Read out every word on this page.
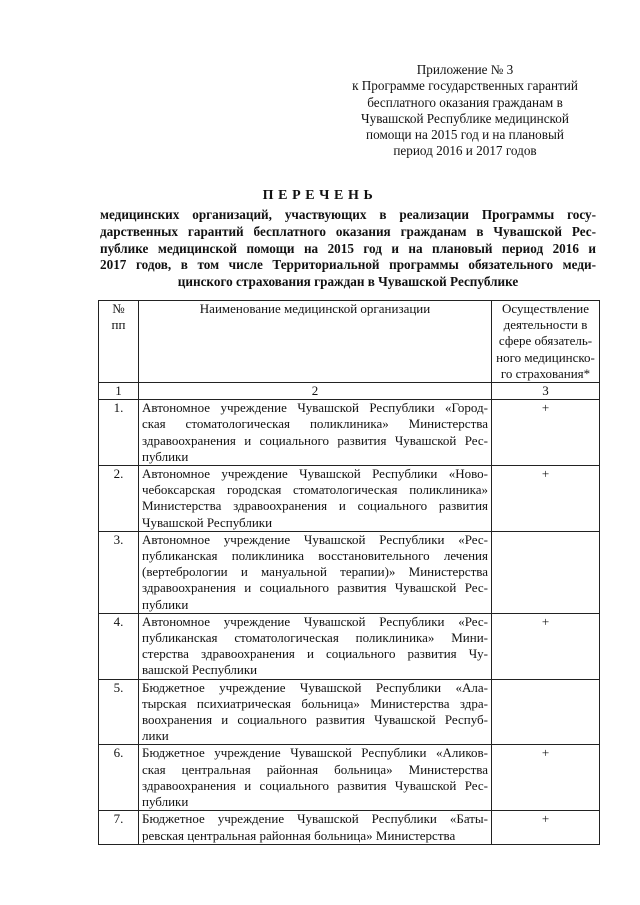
Приложение № 3
к Программе государственных гарантий
бесплатного оказания гражданам в
Чувашской Республике медицинской
помощи на 2015 год и на плановый
период 2016 и 2017 годов
ПЕРЕЧЕНЬ
медицинских организаций, участвующих в реализации Программы госу-
дарственных гарантий бесплатного оказания гражданам в Чувашской Рес-
публике медицинской помощи на 2015 год и на плановый период 2016 и
2017 годов, в том числе Территориальной программы обязательного меди-
цинского страхования граждан в Чувашской Республике
№
пп	Наименование медицинской организации	Осуществление
деятельности в
сфере обязатель-
ного медицинско-
го страхования*

1	2	3
1.	Автономное учреждение Чувашской Республики «Город-
ская стоматологическая поликлиника» Министерства
здравоохранения и социального развития Чувашской Рес-
публики	+
2.	Автономное учреждение Чувашской Республики «Ново-
чебоксарская городская стоматологическая поликлиника»
Министерства здравоохранения и социального развития
Чувашской Республики	+
3.	Автономное учреждение Чувашской Республики «Рес-
публиканская поликлиника восстановительного лечения
(вертебрологии и мануальной терапии)» Министерства
здравоохранения и социального развития Чувашской Рес-
публики	

4.	Автономное учреждение Чувашской Республики «Рес-
публиканская стоматологическая поликлиника» Мини-
стерства здравоохранения и социального развития Чу-
вашской Республики	+
5.	Бюджетное учреждение Чувашской Республики «Ала-
тырская психиатрическая больница» Министерства здра-
воохранения и социального развития Чувашской Респуб-
лики	

6.	Бюджетное учреждение Чувашской Республики «Аликов-
ская центральная районная больница» Министерства
здравоохранения и социального развития Чувашской Рес-
публики	+
7.	Бюджетное учреждение Чувашской Республики «Баты-
ревская центральная районная больница» Министерства	+
